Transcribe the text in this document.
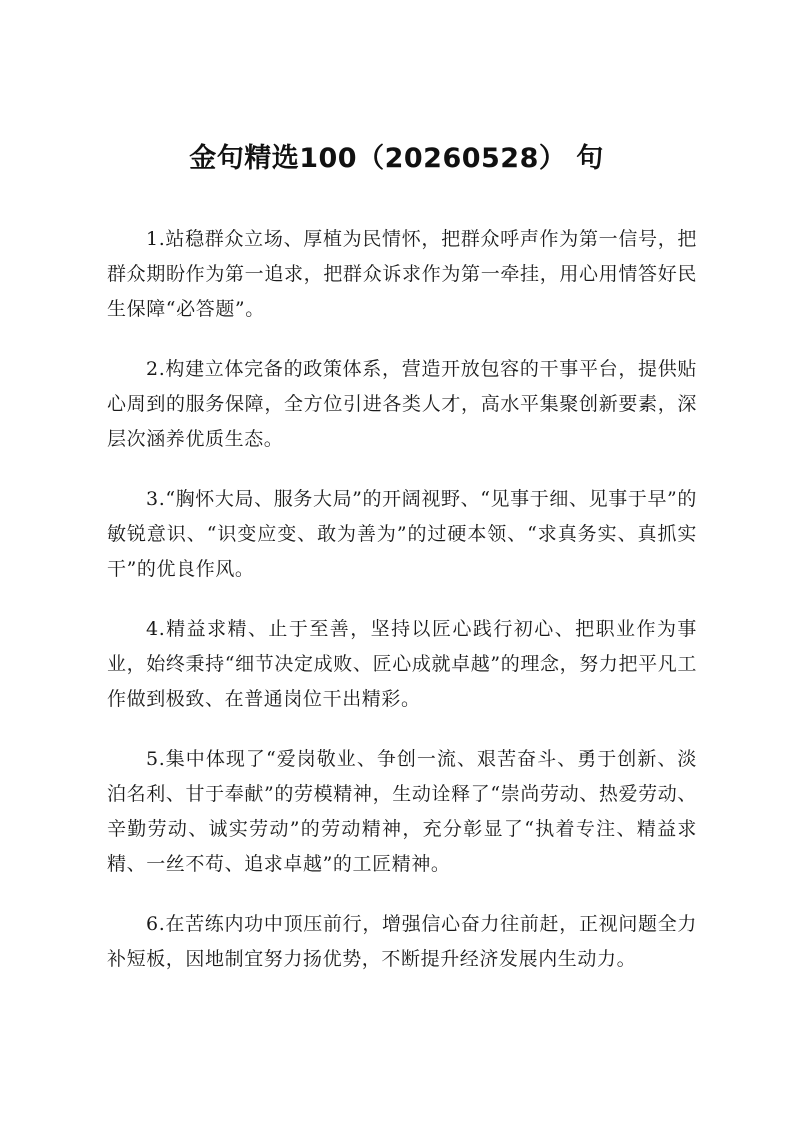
金句精选100（20260528） 句

1.站稳群众立场、厚植为民情怀，把群众呼声作为第一信号，把群众期盼作为第一追求，把群众诉求作为第一牵挂，用心用情答好民生保障“必答题”。

2.构建立体完备的政策体系，营造开放包容的干事平台，提供贴心周到的服务保障，全方位引进各类人才，高水平集聚创新要素，深层次涵养优质生态。

3.“胸怀大局、服务大局”的开阔视野、“见事于细、见事于早”的敏锐意识、“识变应变、敢为善为”的过硬本领、“求真务实、真抓实干”的优良作风。

4.精益求精、止于至善，坚持以匠心践行初心、把职业作为事业，始终秉持“细节决定成败、匠心成就卓越”的理念，努力把平凡工作做到极致、在普通岗位干出精彩。

5.集中体现了“爱岗敬业、争创一流、艰苦奋斗、勇于创新、淡泊名利、甘于奉献”的劳模精神，生动诠释了“崇尚劳动、热爱劳动、辛勤劳动、诚实劳动”的劳动精神，充分彰显了“执着专注、精益求精、一丝不苟、追求卓越”的工匠精神。

6.在苦练内功中顶压前行，增强信心奋力往前赶，正视问题全力补短板，因地制宜努力扬优势，不断提升经济发展内生动力。
